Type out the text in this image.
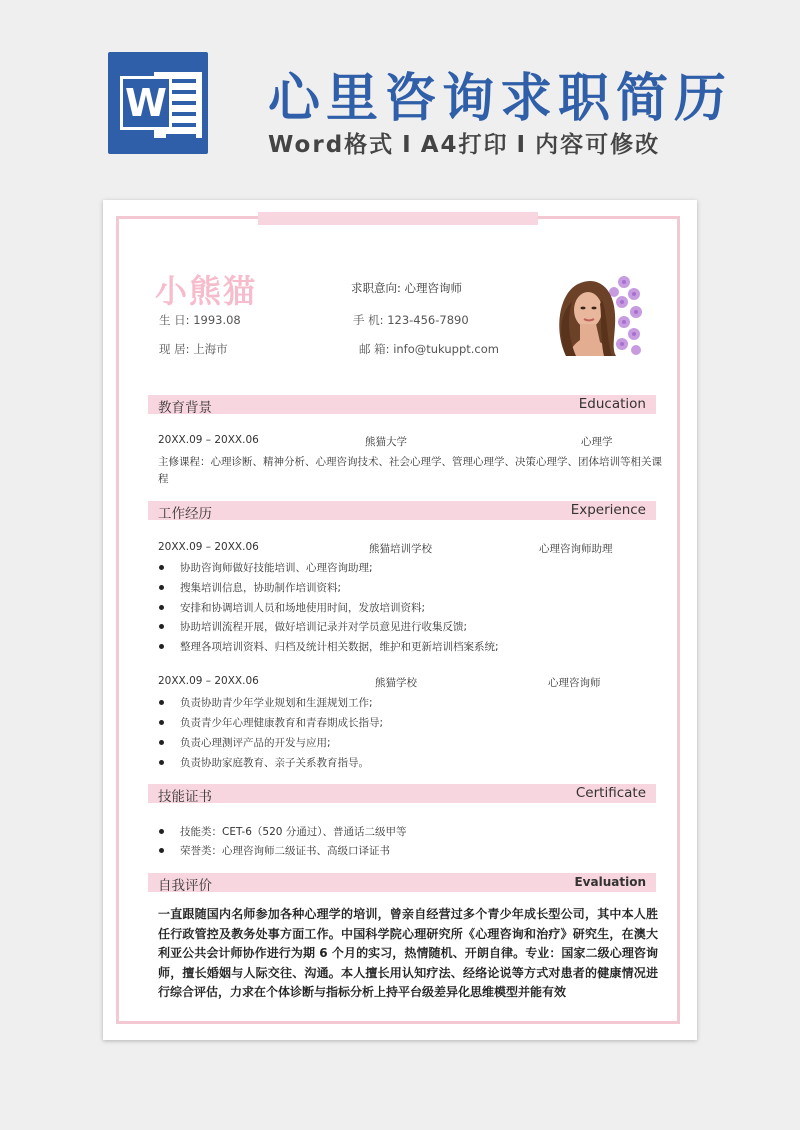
W 心里咨询求职简历
Word格式 I A4打印 I 内容可修改
小熊猫
生 日: 1993.08
现 居: 上海市
求职意向: 心理咨询师
手 机: 123-456-7890
邮 箱: info@tukuppt.com
教育背景	Education
20XX.09 – 20XX.06	熊猫大学	心理学
主修课程：心理诊断、精神分析、心理咨询技术、社会心理学、管理心理学、决策心理学、团体培训等相关课
程
工作经历	Experience
20XX.09 – 20XX.06	熊猫培训学校	心理咨询师助理
协助咨询师做好技能培训、心理咨询助理;
搜集培训信息，协助制作培训资料;
安排和协调培训人员和场地使用时间，发放培训资料;
协助培训流程开展，做好培训记录并对学员意见进行收集反馈;
整理各项培训资料、归档及统计相关数据，维护和更新培训档案系统;
20XX.09 – 20XX.06	熊猫学校	心理咨询师
负责协助青少年学业规划和生涯规划工作;
负责青少年心理健康教育和青春期成长指导;
负责心理测评产品的开发与应用;
负责协助家庭教育、亲子关系教育指导。
技能证书	Certificate
技能类：CET-6（520 分通过）、普通话二级甲等
荣誉类：心理咨询师二级证书、高级口译证书
自我评价	Evaluation
一直跟随国内名师参加各种心理学的培训，曾亲自经营过多个青少年成长型公司，其中本人胜任行政管控及教务处事方面工作。中国科学院心理研究所《心理咨询和治疗》研究生，在澳大利亚公共会计师协作进行为期 6 个月的实习，热情随机、开朗自律。专业：国家二级心理咨询师，擅长婚姻与人际交往、沟通。本人擅长用认知疗法、经络论说等方式对患者的健康情况进行综合评估，力求在个体诊断与指标分析上持平台级差异化思维模型并能有效
